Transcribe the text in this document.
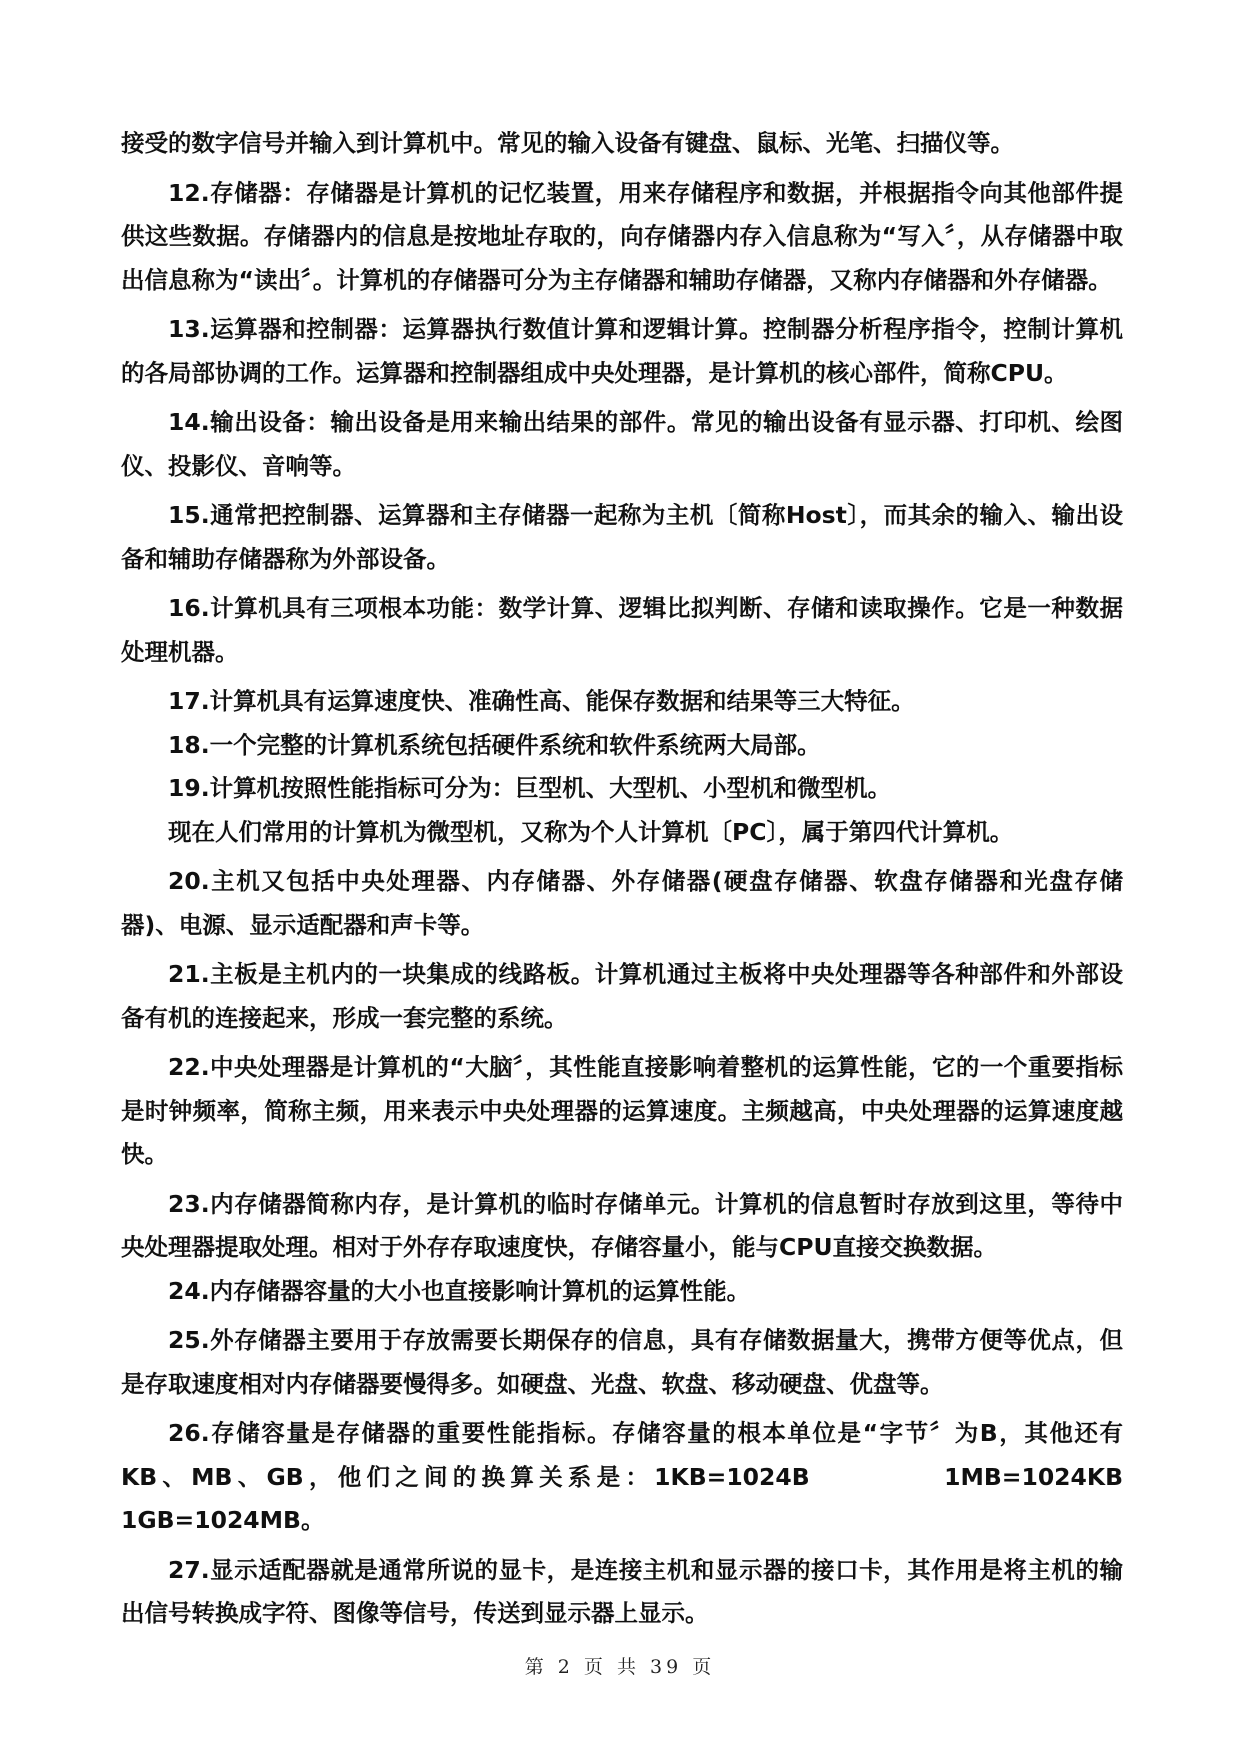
接受的数字信号并输入到计算机中。常见的输入设备有键盘、鼠标、光笔、扫描仪等。

12.存储器：存储器是计算机的记忆装置，用来存储程序和数据，并根据指令向其他部件提供这些数据。存储器内的信息是按地址存取的，向存储器内存入信息称为“写入〞，从存储器中取出信息称为“读出〞。计算机的存储器可分为主存储器和辅助存储器，又称内存储器和外存储器。

13.运算器和控制器：运算器执行数值计算和逻辑计算。控制器分析程序指令，控制计算机的各局部协调的工作。运算器和控制器组成中央处理器，是计算机的核心部件，简称CPU。

14.输出设备：输出设备是用来输出结果的部件。常见的输出设备有显示器、打印机、绘图仪、投影仪、音响等。

15.通常把控制器、运算器和主存储器一起称为主机〔简称Host〕，而其余的输入、输出设备和辅助存储器称为外部设备。

16.计算机具有三项根本功能：数学计算、逻辑比拟判断、存储和读取操作。它是一种数据处理机器。

17.计算机具有运算速度快、准确性高、能保存数据和结果等三大特征。

18.一个完整的计算机系统包括硬件系统和软件系统两大局部。

19.计算机按照性能指标可分为：巨型机、大型机、小型机和微型机。

现在人们常用的计算机为微型机，又称为个人计算机〔PC〕，属于第四代计算机。

20.主机又包括中央处理器、内存储器、外存储器(硬盘存储器、软盘存储器和光盘存储器)、电源、显示适配器和声卡等。

21.主板是主机内的一块集成的线路板。计算机通过主板将中央处理器等各种部件和外部设备有机的连接起来，形成一套完整的系统。

22.中央处理器是计算机的“大脑〞，其性能直接影响着整机的运算性能，它的一个重要指标是时钟频率，简称主频，用来表示中央处理器的运算速度。主频越高，中央处理器的运算速度越快。

23.内存储器简称内存，是计算机的临时存储单元。计算机的信息暂时存放到这里，等待中央处理器提取处理。相对于外存存取速度快，存储容量小，能与CPU直接交换数据。

24.内存储器容量的大小也直接影响计算机的运算性能。

25.外存储器主要用于存放需要长期保存的信息，具有存储数据量大，携带方便等优点，但是存取速度相对内存储器要慢得多。如硬盘、光盘、软盘、移动硬盘、优盘等。

26.存储容量是存储器的重要性能指标。存储容量的根本单位是“字节〞为B，其他还有KB、MB、GB，他们之间的换算关系是：1KB=1024B          1MB=1024KB 1GB=1024MB。

27.显示适配器就是通常所说的显卡，是连接主机和显示器的接口卡，其作用是将主机的输出信号转换成字符、图像等信号，传送到显示器上显示。

第 2 页 共 39 页
